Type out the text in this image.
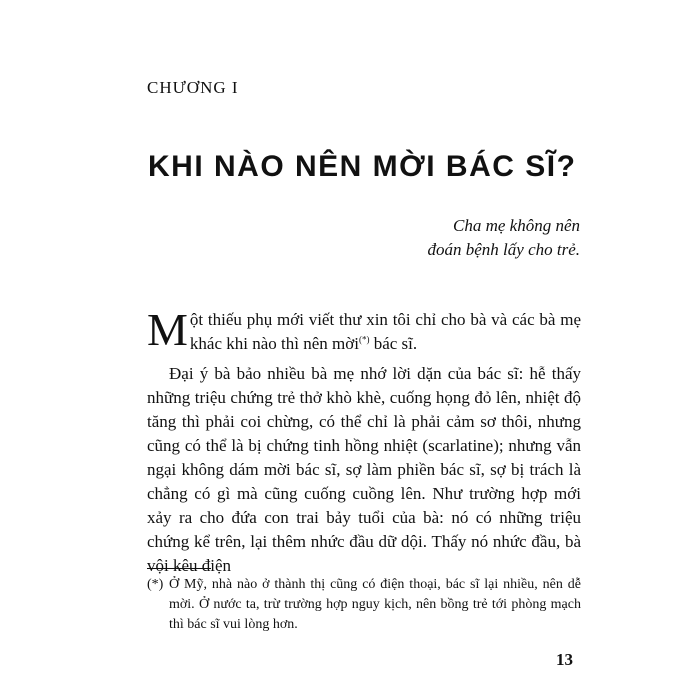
CHƯƠNG I
KHI NÀO NÊN MỜI BÁC SĨ?
Cha mẹ không nên
đoán bệnh lấy cho trẻ.

Một thiếu phụ mới viết thư xin tôi chỉ cho bà và các bà mẹ khác khi nào thì nên mời(*) bác sĩ.

Đại ý bà bảo nhiều bà mẹ nhớ lời dặn của bác sĩ: hễ thấy những triệu chứng trẻ thở khò khè, cuống họng đỏ lên, nhiệt độ tăng thì phải coi chừng, có thể chỉ là phải cảm sơ thôi, nhưng cũng có thể là bị chứng tinh hồng nhiệt (scarlatine); nhưng vẫn ngại không dám mời bác sĩ, sợ làm phiền bác sĩ, sợ bị trách là chẳng có gì mà cũng cuống cuồng lên. Như trường hợp mới xảy ra cho đứa con trai bảy tuổi của bà: nó có những triệu chứng kể trên, lại thêm nhức đầu dữ dội. Thấy nó nhức đầu, bà vội kêu điện

(*) Ở Mỹ, nhà nào ở thành thị cũng có điện thoại, bác sĩ lại nhiều, nên dễ mời. Ở nước ta, trừ trường hợp nguy kịch, nên bồng trẻ tới phòng mạch thì bác sĩ vui lòng hơn.
13
